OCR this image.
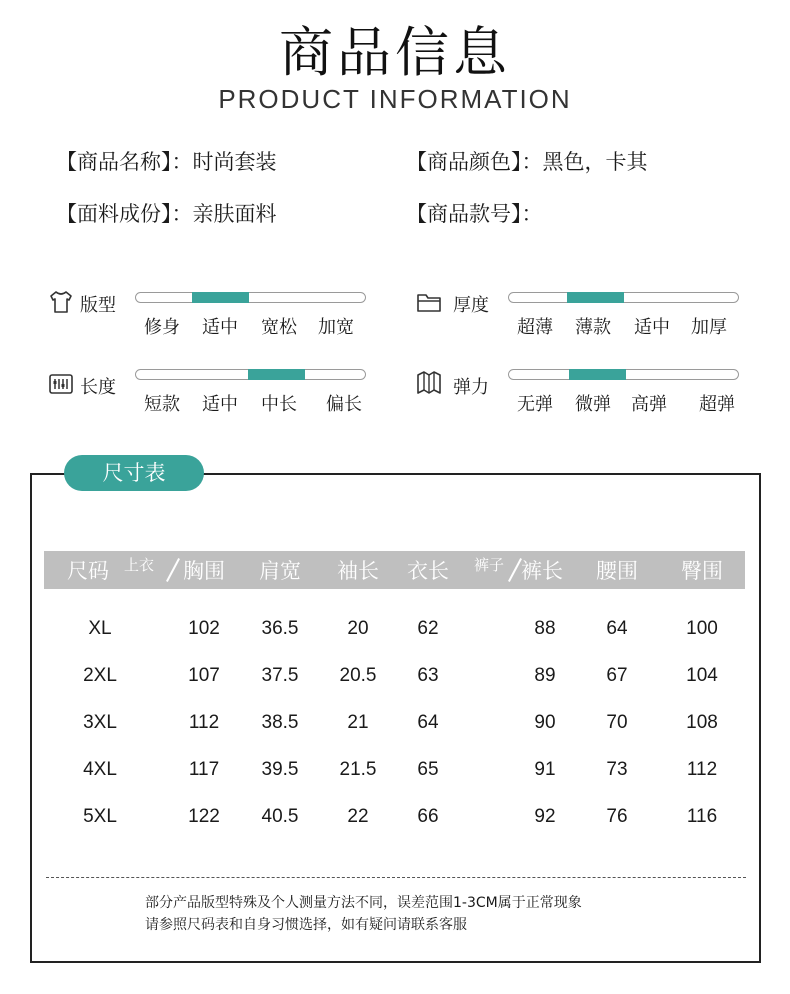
商品信息
PRODUCT INFORMATION
【商品名称】：时尚套装
【面料成份】：亲肤面料
【商品颜色】：黑色，卡其
【商品款号】：
版型
修身	适中	宽松	加宽
长度
短款	适中	中长	偏长
厚度
超薄	薄款	适中	加厚
弹力
无弹	微弹	高弹	超弹
尺寸表
尺码	上衣	胸围	肩宽	袖长	衣长	裤子 裤长	腰围	臀围
XL	102	36.5	20	62	88	64	100
2XL	107	37.5	20.5	63	89	67	104
3XL	112	38.5	21	64	90	70	108
4XL	117	39.5	21.5	65	91	73	112
5XL	122	40.5	22	66	92	76	116
部分产品版型特殊及个人测量方法不同，误差范围1-3CM属于正常现象
请参照尺码表和自身习惯选择，如有疑问请联系客服
